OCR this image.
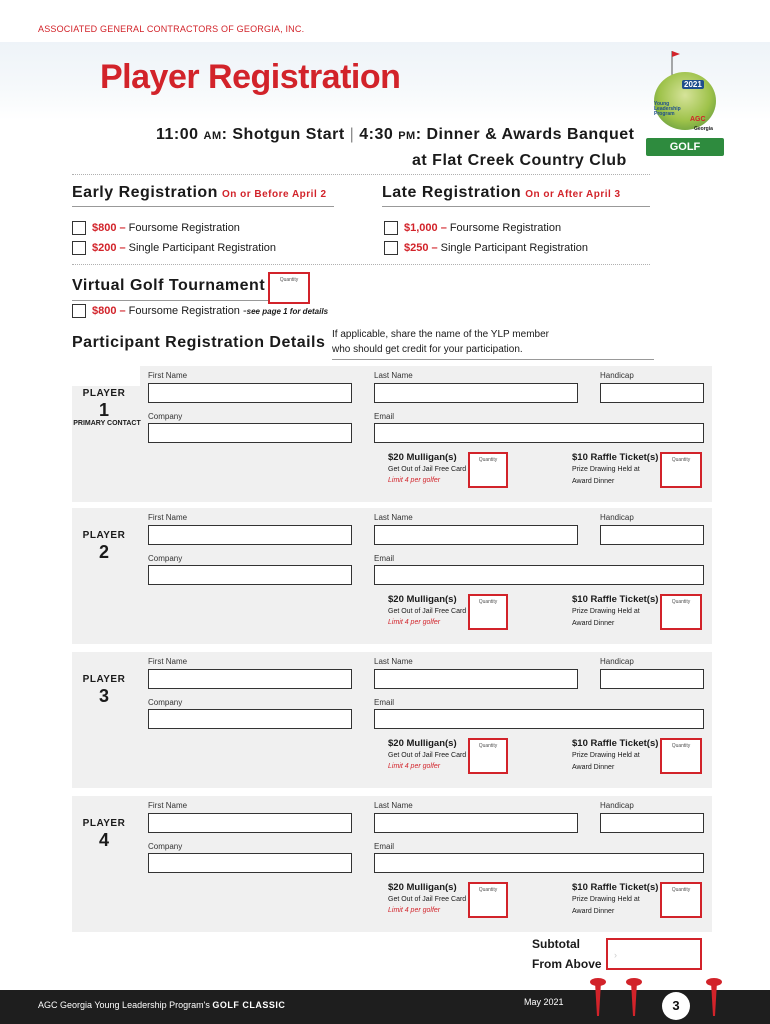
ASSOCIATED GENERAL CONTRACTORS OF GEORGIA, INC.
Player Registration	2021
Young Leadership Program
AGC
Georgia
GOLF CLASSIC
11:00 AM: Shotgun Start | 4:30 PM: Dinner & Awards Banquet
at Flat Creek Country Club
Early Registration On or Before April 2	Late Registration On or After April 3
$800 – Foursome Registration
$200 – Single Participant Registration
$1,000 – Foursome Registration
$250 – Single Participant Registration
Virtual Golf Tournament	Quantity
$800 – Foursome Registration - see page 1 for details
Participant Registration Details If applicable, share the name of the YLP member
who should get credit for your participation.
PLAYER
1
PRIMARY CONTACT
First Name	Last Name	Handicap
Company	Email
$20 Mulligan(s)
Get Out of Jail Free Card
Limit 4 per golfer
Quantity	$10 Raffle Ticket(s)
Prize Drawing Held at
Award Dinner
Quantity
PLAYER
2
First Name	Last Name	Handicap
Company	Email
$20 Mulligan(s)
Get Out of Jail Free Card
Limit 4 per golfer
Quantity	$10 Raffle Ticket(s)
Prize Drawing Held at
Award Dinner
Quantity
PLAYER
3
First Name	Last Name	Handicap
Company	Email
$20 Mulligan(s)
Get Out of Jail Free Card
Limit 4 per golfer
Quantity	$10 Raffle Ticket(s)
Prize Drawing Held at
Award Dinner
Quantity
PLAYER
4
First Name	Last Name	Handicap
Company	Email
$20 Mulligan(s)
Get Out of Jail Free Card
Limit 4 per golfer
Quantity	$10 Raffle Ticket(s)
Prize Drawing Held at
Award Dinner
Quantity
Subtotal
From Above
›
AGC Georgia Young Leadership Program's GOLF CLASSIC	May 2021	3
